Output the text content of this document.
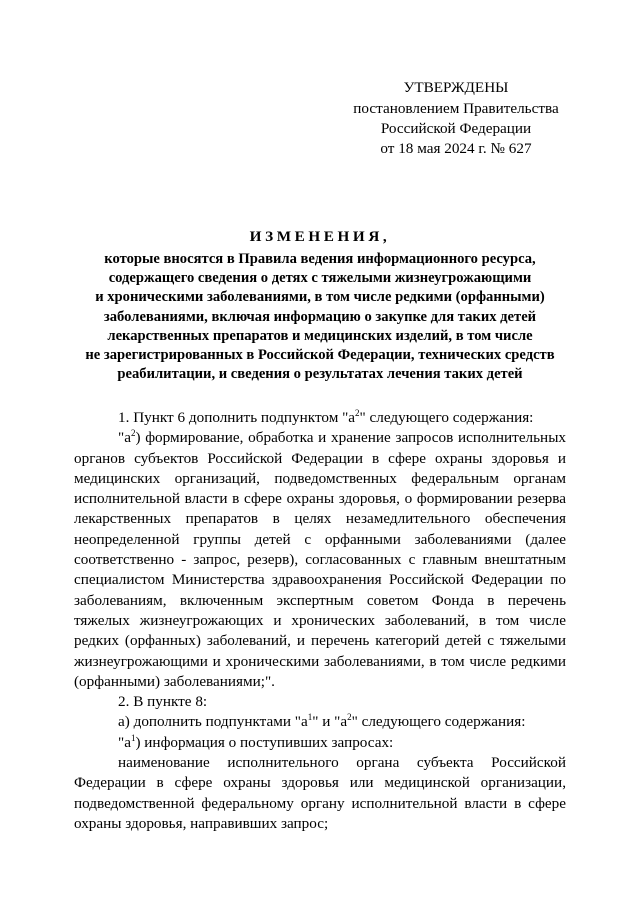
УТВЕРЖДЕНЫ
постановлением Правительства
Российской Федерации
от 18 мая 2024 г. № 627
ИЗМЕНЕНИЯ,
которые вносятся в Правила ведения информационного ресурса,
содержащего сведения о детях с тяжелыми жизнеугрожающими
и хроническими заболеваниями, в том числе редкими (орфанными)
заболеваниями, включая информацию о закупке для таких детей
лекарственных препаратов и медицинских изделий, в том числе
не зарегистрированных в Российской Федерации, технических средств
реабилитации, и сведения о результатах лечения таких детей

1. Пункт 6 дополнить подпунктом "$а^2$" следующего содержания:

"$а^2$) формирование, обработка и хранение запросов исполнительных органов субъектов Российской Федерации в сфере охраны здоровья и медицинских организаций, подведомственных федеральным органам исполнительной власти в сфере охраны здоровья, о формировании резерва лекарственных препаратов в целях незамедлительного обеспечения неопределенной группы детей с орфанными заболеваниями (далее соответственно - запрос, резерв), согласованных с главным внештатным специалистом Министерства здравоохранения Российской Федерации по заболеваниям, включенным экспертным советом Фонда в перечень тяжелых жизнеугрожающих и хронических заболеваний, в том числе редких (орфанных) заболеваний, и перечень категорий детей с тяжелыми жизнеугрожающими и хроническими заболеваниями, в том числе редкими (орфанными) заболеваниями;".

2. В пункте 8:

а) дополнить подпунктами "$а^1$" и "$а^2$" следующего содержания:

"$а^1$) информация о поступивших запросах:

наименование исполнительного органа субъекта Российской Федерации в сфере охраны здоровья или медицинской организации, подведомственной федеральному органу исполнительной власти в сфере охраны здоровья, направивших запрос;
